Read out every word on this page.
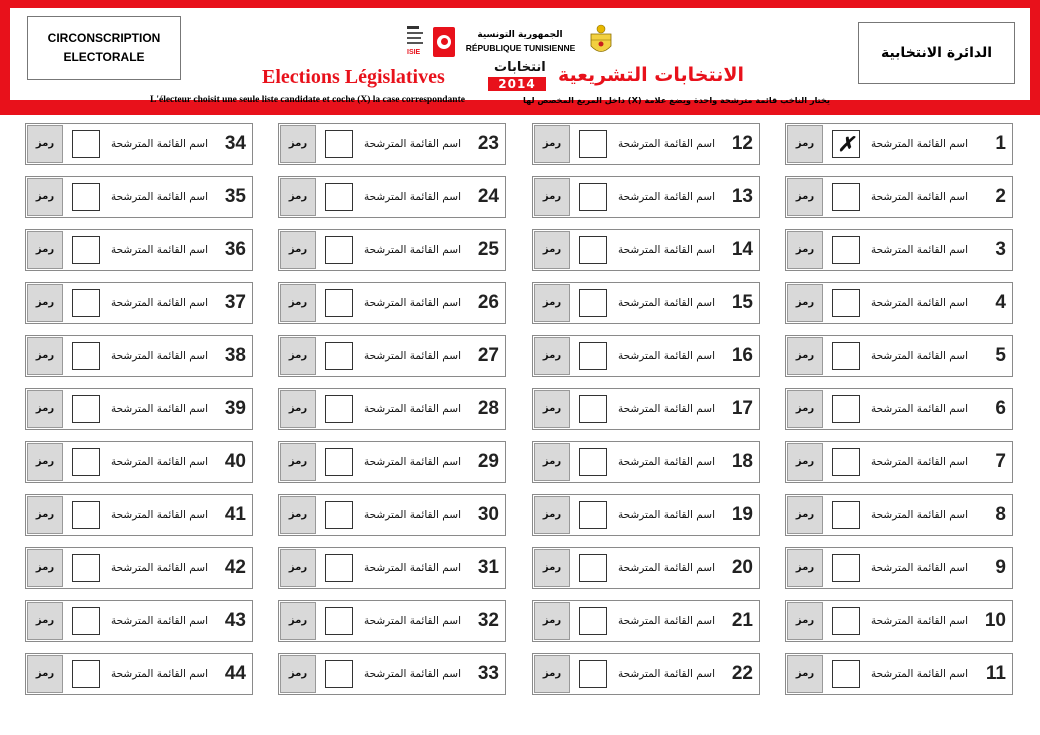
CIRCONSCRIPTION ELECTORALE	الدائرة الانتخابية
ISIE
الجمهورية التونسية
RÉPUBLIQUE TUNISIENNE
Elections Législatives	انتخابات
2014	الانتخابات التشريعية
L'électeur choisit une seule liste candidate et coche (X) la case correspondante	يختار الناخب قائمة مترشحة واحدة ويضع علامة (X) داخل المربع المخصص لها
34
اسم القائمة المترشحة
رمز
35
اسم القائمة المترشحة
رمز
36
اسم القائمة المترشحة
رمز
37
اسم القائمة المترشحة
رمز
38
اسم القائمة المترشحة
رمز
39
اسم القائمة المترشحة
رمز
40
اسم القائمة المترشحة
رمز
41
اسم القائمة المترشحة
رمز
42
اسم القائمة المترشحة
رمز
43
اسم القائمة المترشحة
رمز
44
اسم القائمة المترشحة
رمز
23
اسم القائمة المترشحة
رمز
24
اسم القائمة المترشحة
رمز
25
اسم القائمة المترشحة
رمز
26
اسم القائمة المترشحة
رمز
27
اسم القائمة المترشحة
رمز
28
اسم القائمة المترشحة
رمز
29
اسم القائمة المترشحة
رمز
30
اسم القائمة المترشحة
رمز
31
اسم القائمة المترشحة
رمز
32
اسم القائمة المترشحة
رمز
33
اسم القائمة المترشحة
رمز
12
اسم القائمة المترشحة
رمز
13
اسم القائمة المترشحة
رمز
14
اسم القائمة المترشحة
رمز
15
اسم القائمة المترشحة
رمز
16
اسم القائمة المترشحة
رمز
17
اسم القائمة المترشحة
رمز
18
اسم القائمة المترشحة
رمز
19
اسم القائمة المترشحة
رمز
20
اسم القائمة المترشحة
رمز
21
اسم القائمة المترشحة
رمز
22
اسم القائمة المترشحة
رمز
1
اسم القائمة المترشحة
✗
رمز
2
اسم القائمة المترشحة
رمز
3
اسم القائمة المترشحة
رمز
4
اسم القائمة المترشحة
رمز
5
اسم القائمة المترشحة
رمز
6
اسم القائمة المترشحة
رمز
7
اسم القائمة المترشحة
رمز
8
اسم القائمة المترشحة
رمز
9
اسم القائمة المترشحة
رمز
10
اسم القائمة المترشحة
رمز
11
اسم القائمة المترشحة
رمز
